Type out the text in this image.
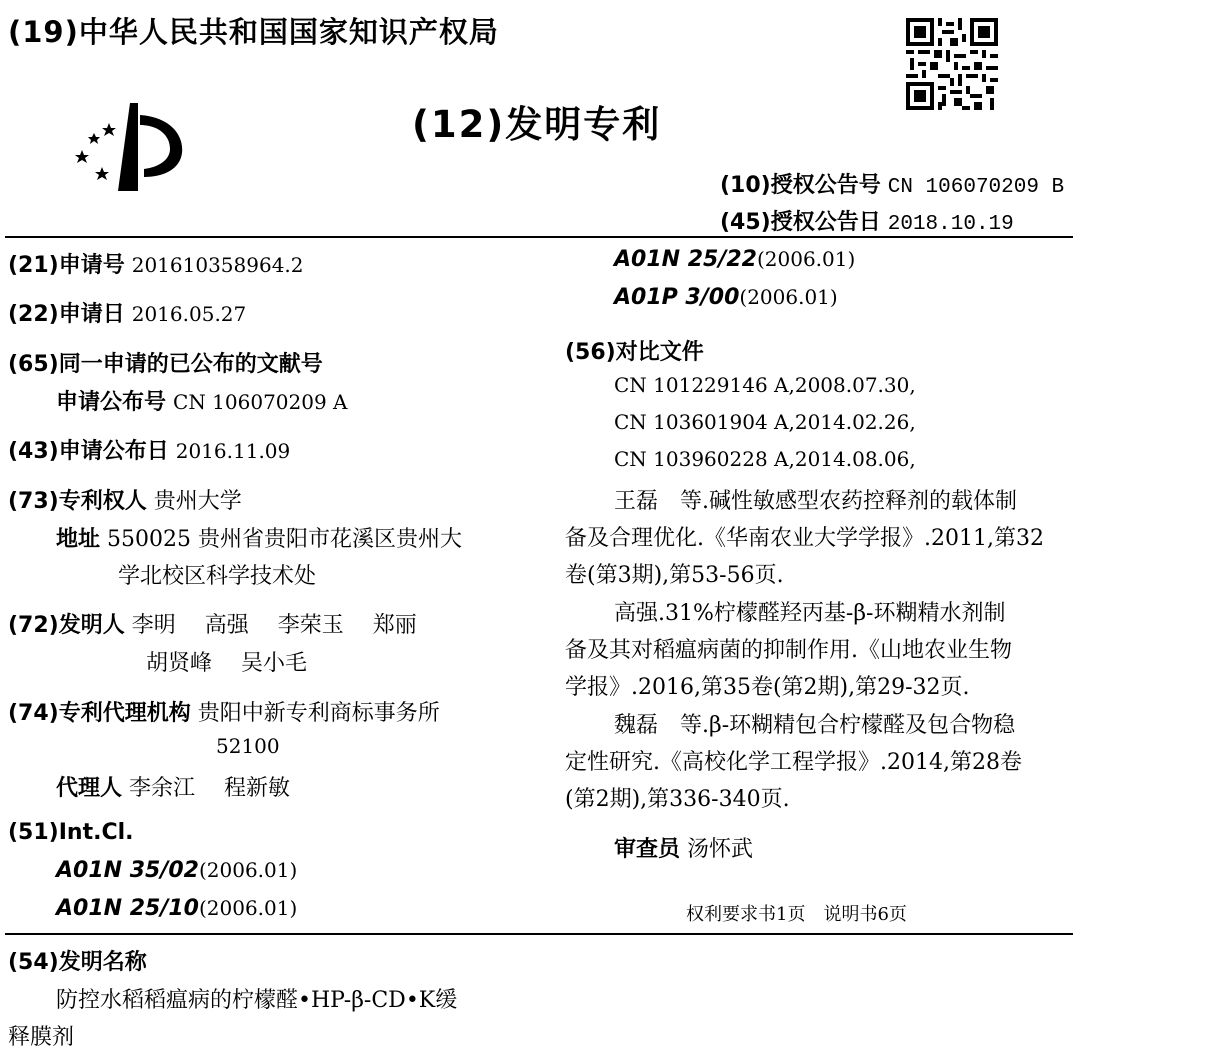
(19)中华人民共和国国家知识产权局
(12)发明专利
(10)授权公告号 CN 106070209 B
(45)授权公告日 2018.10.19
(21)申请号 201610358964.2
(22)申请日 2016.05.27
(65)同一申请的已公布的文献号
申请公布号 CN 106070209 A
(43)申请公布日 2016.11.09
(73)专利权人 贵州大学
地址 550025 贵州省贵阳市花溪区贵州大
学北校区科学技术处
(72)发明人 李明　 高强　 李荣玉　 郑丽
胡贤峰　 吴小毛
(74)专利代理机构 贵阳中新专利商标事务所
52100
代理人 李余江　 程新敏
(51)Int.Cl.
A01N 35/02(2006.01)
A01N 25/10(2006.01)
A01N 25/22(2006.01)
A01P 3/00(2006.01)
(56)对比文件
CN 101229146 A,2008.07.30,
CN 103601904 A,2014.02.26,
CN 103960228 A,2014.08.06,
王磊　等.碱性敏感型农药控释剂的载体制
备及合理优化.《华南农业大学学报》.2011,第32
卷(第3期),第53-56页.
高强.31%柠檬醛羟丙基-β-环糊精水剂制
备及其对稻瘟病菌的抑制作用.《山地农业生物
学报》.2016,第35卷(第2期),第29-32页.
魏磊　等.β-环糊精包合柠檬醛及包合物稳
定性研究.《高校化学工程学报》.2014,第28卷
(第2期),第336-340页.
审查员 汤怀武
权利要求书1页　说明书6页
(54)发明名称
防控水稻稻瘟病的柠檬醛•HP-β-CD•K缓
释膜剂
